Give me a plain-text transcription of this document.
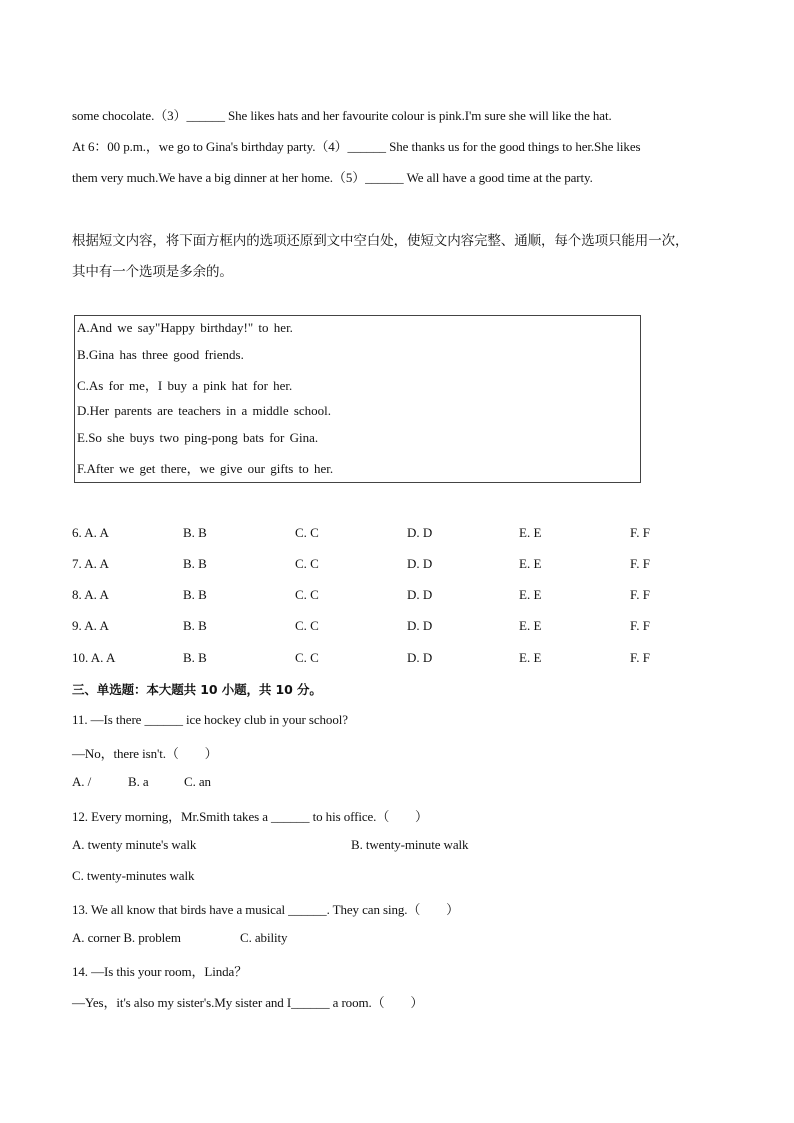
some chocolate.（3）______ She likes hats and her favourite colour is pink.I'm sure she will like the hat.
At 6：00 p.m.，we go to Gina's birthday party.（4）______ She thanks us for the good things to her.She likes
them very much.We have a big dinner at her home.（5）______ We all have a good time at the party.
根据短文内容，将下面方框内的选项还原到文中空白处，使短文内容完整、通顺，每个选项只能用一次，
其中有一个选项是多余的。
A.And we say"Happy birthday!" to her.
B.Gina has three good friends.
C.As for me，I buy a pink hat for her.
D.Her parents are teachers in a middle school.
E.So she buys two ping-pong bats for Gina.
F.After we get there，we give our gifts to her.
6. A. A	B. B	C. C	D. D	E. E	F. F
7. A. A	B. B	C. C	D. D	E. E	F. F
8. A. A	B. B	C. C	D. D	E. E	F. F
9. A. A	B. B	C. C	D. D	E. E	F. F
10. A. A	B. B	C. C	D. D	E. E	F. F
三、单选题：本大题共 10 小题，共 10 分。
11. —Is there ______ ice hockey club in your school?
—No，there isn't.（　　）
A. /	B. a	C. an
12. Every morning，Mr.Smith takes a ______ to his office.（　　）
A. twenty minute's walk	B. twenty-minute walk
C. twenty-minutes walk
13. We all know that birds have a musical ______. They can sing.（　　）
A. corner B. problem	C. ability
14. —Is this your room，Linda？
—Yes，it's also my sister's.My sister and I______ a room.（　　）
